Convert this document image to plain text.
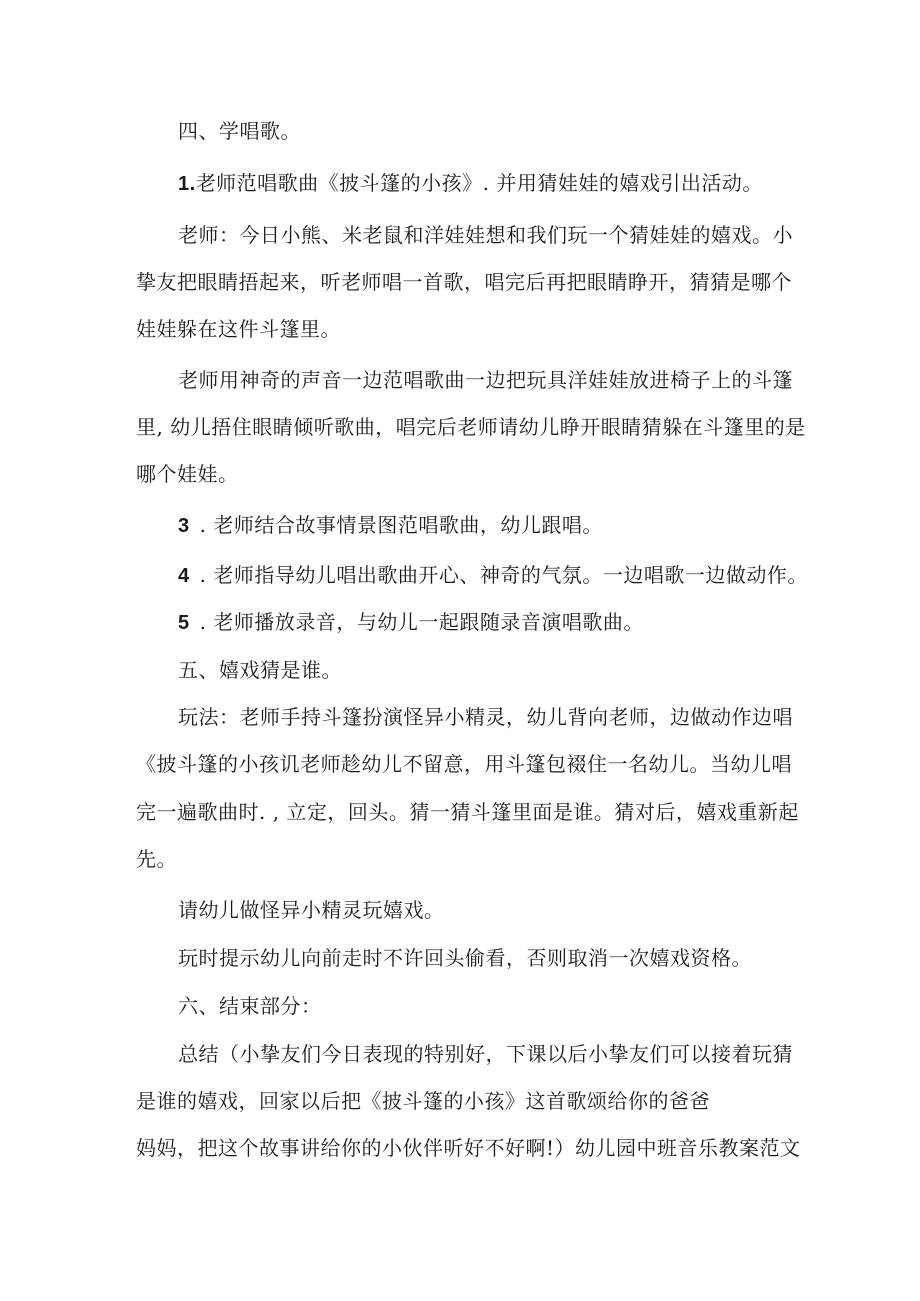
四、学唱歌。

1.老师范唱歌曲《披斗篷的小孩》. 并用猜娃娃的嬉戏引出活动。

老师：今日小熊、米老鼠和洋娃娃想和我们玩一个猜娃娃的嬉戏。小

挚友把眼睛捂起来，听老师唱一首歌，唱完后再把眼睛睁开，猜猜是哪个

娃娃躲在这件斗篷里。

老师用神奇的声音一边范唱歌曲一边把玩具洋娃娃放进椅子上的斗篷

里, 幼儿捂住眼睛倾听歌曲，唱完后老师请幼儿睁开眼睛猜躲在斗篷里的是

哪个娃娃。

3 . 老师结合故事情景图范唱歌曲，幼儿跟唱。

4 . 老师指导幼儿唱出歌曲开心、神奇的气氛。一边唱歌一边做动作。

5 . 老师播放录音，与幼儿一起跟随录音演唱歌曲。

五、嬉戏猜是谁。

玩法：老师手持斗篷扮演怪异小精灵，幼儿背向老师，边做动作边唱

《披斗篷的小孩讥老师趁幼儿不留意，用斗篷包裰住一名幼儿。当幼儿唱

完一遍歌曲时. , 立定，回头。猜一猜斗篷里面是谁。猜对后，嬉戏重新起

先。

请幼儿做怪异小精灵玩嬉戏。

玩时提示幼儿向前走时不许回头偷看，否则取消一次嬉戏资格。

六、结束部分：

总结（小挚友们今日表现的特别好，下课以后小挚友们可以接着玩猜

是谁的嬉戏，回家以后把《披斗篷的小孩》这首歌颂给你的爸爸

妈妈，把这个故事讲给你的小伙伴听好不好啊!）幼儿园中班音乐教案范文
